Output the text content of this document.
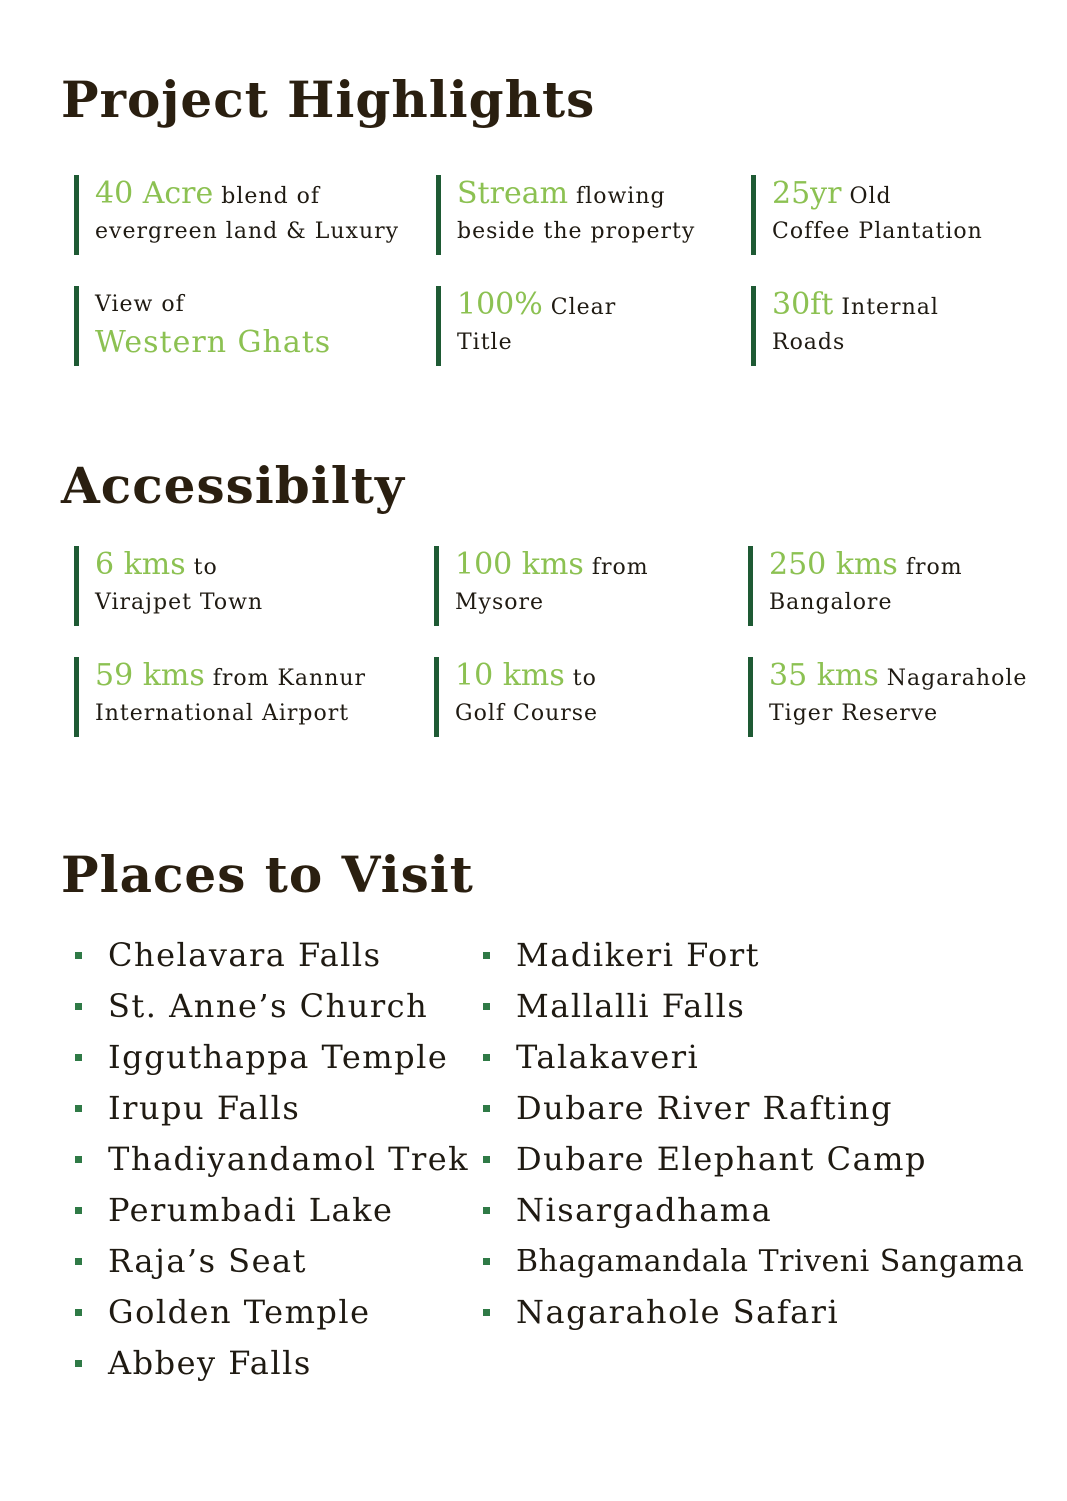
Project Highlights
40 Acre blend of
evergreen land & Luxury
Stream flowing
beside the property
25yr Old
Coffee Plantation
View of
Western Ghats
100% Clear
Title
30ft Internal
Roads
Accessibilty
6 kms to
Virajpet Town
100 kms from
Mysore
250 kms from
Bangalore
59 kms from Kannur
International Airport
10 kms to
Golf Course
35 kms Nagarahole
Tiger Reserve
Places to Visit
Chelavara Falls
St. Anne’s Church
Igguthappa Temple
Irupu Falls
Thadiyandamol Trek
Perumbadi Lake
Raja’s Seat
Golden Temple
Abbey Falls
Madikeri Fort
Mallalli Falls
Talakaveri
Dubare River Rafting
Dubare Elephant Camp
Nisargadhama
Bhagamandala Triveni Sangama
Nagarahole Safari
